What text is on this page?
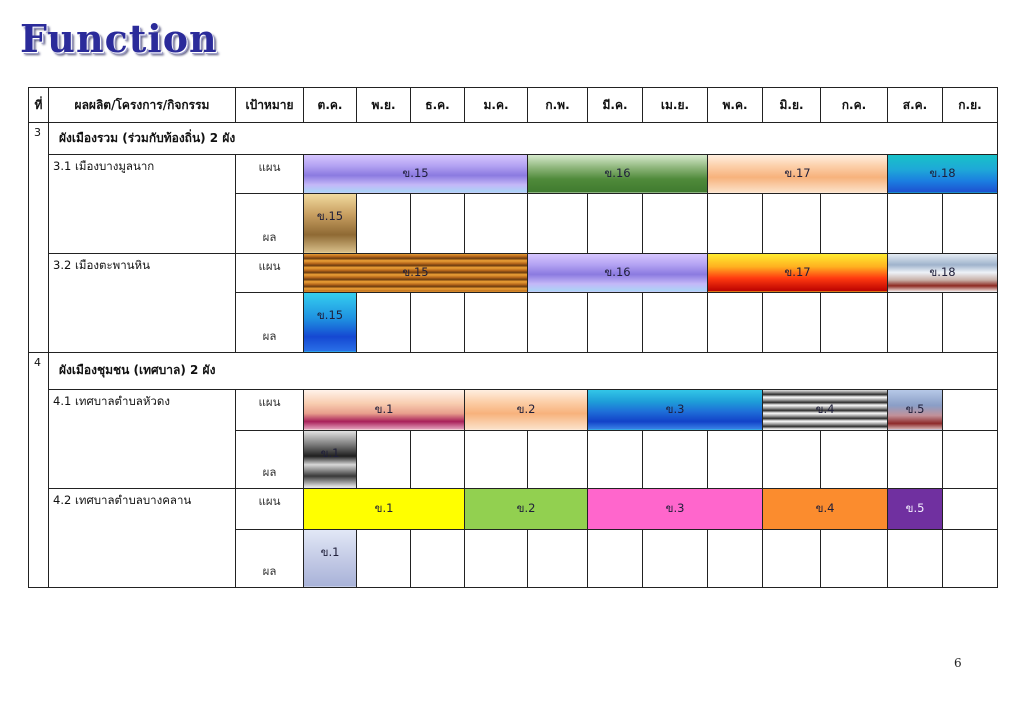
Function
ที่	ผลผลิต/โครงการ/กิจกรรม	เป้าหมาย	ต.ค.	พ.ย.	ธ.ค.	ม.ค.	ก.พ.	มี.ค.	เม.ย.	พ.ค.	มิ.ย.	ก.ค.	ส.ค.	ก.ย.
3	ผังเมืองรวม (ร่วมกับท้องถิ่น) 2 ผัง													
	3.1 เมืองบางมูลนาก	แผน	ข.15				ข.16			ข.17			ข.18	
		ผล	ข.15											
	3.2 เมืองตะพานหิน	แผน	ข.15				ข.16			ข.17			ข.18	
		ผล	ข.15											
4	ผังเมืองชุมชน (เทศบาล) 2 ผัง													
	4.1 เทศบาลตำบลหัวดง	แผน	ข.1			ข.2		ข.3			ข.4		ข.5	
		ผล	ข.1											
	4.2 เทศบาลตำบลบางคลาน	แผน	ข.1			ข.2		ข.3			ข.4		ข.5	
		ผล	ข.1											
6
